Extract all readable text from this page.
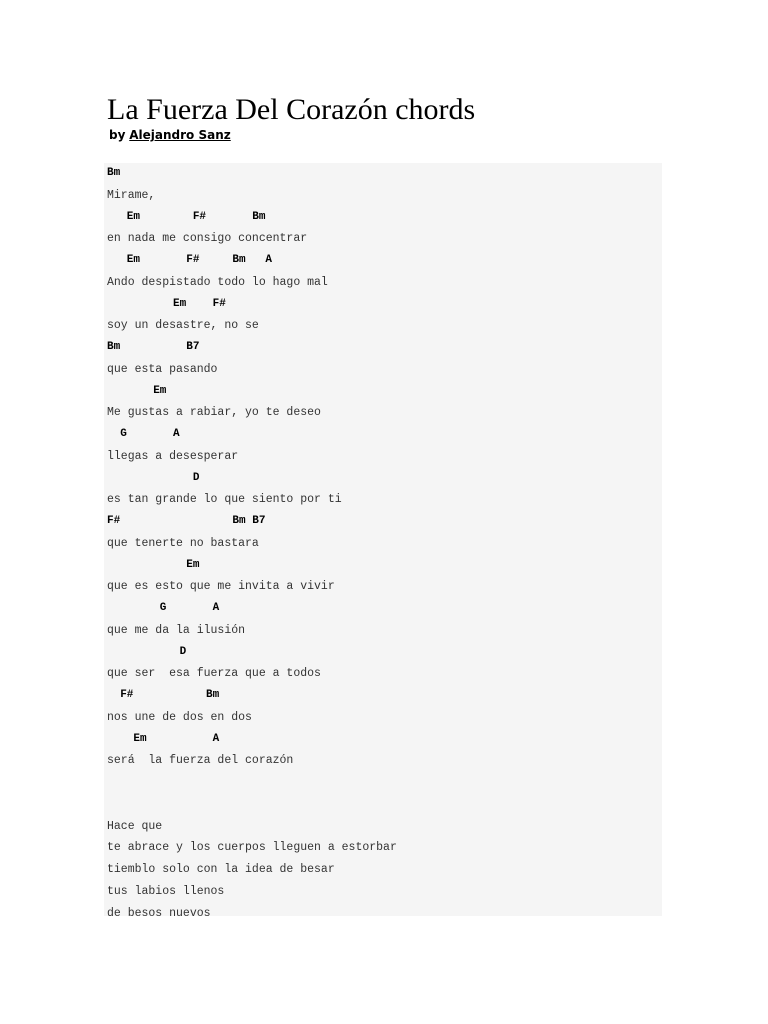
La Fuerza Del Corazón chords
by Alejandro Sanz
Bm
Mirame,
Em        F#       Bm
en nada me consigo concentrar
Em       F#     Bm   A
Ando despistado todo lo hago mal
Em    F#
soy un desastre, no se
Bm          B7
que esta pasando
Em
Me gustas a rabiar, yo te deseo
G       A
llegas a desesperar
D
es tan grande lo que siento por ti
F#                 Bm B7
que tenerte no bastara
Em
que es esto que me invita a vivir
G       A
que me da la ilusión
D
que ser  esa fuerza que a todos
F#           Bm
nos une de dos en dos
Em          A
será  la fuerza del corazón
Hace que
te abrace y los cuerpos lleguen a estorbar
tiemblo solo con la idea de besar
tus labios llenos
de besos nuevos
